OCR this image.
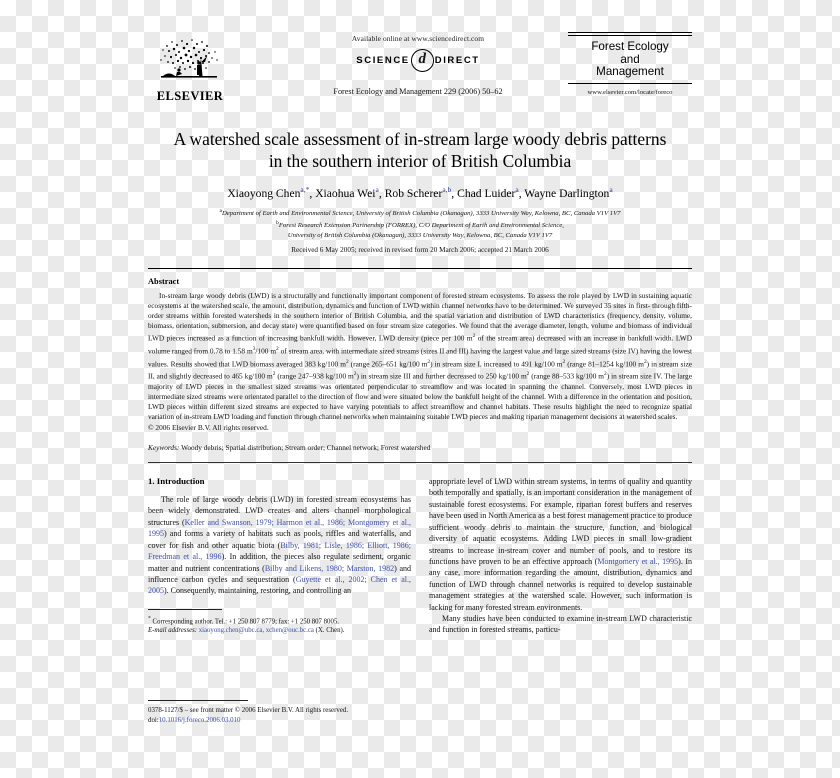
ELSEVIER
Available online at www.sciencedirect.com
SCIENCE d DIRECT
Forest Ecology and Management 229 (2006) 50–62
Forest Ecology
and
Management
www.elsevier.com/locate/foreco
A watershed scale assessment of in-stream large woody debris patterns
in the southern interior of British Columbia
Xiaoyong Chen$^{a,*}$, Xiaohua Wei$^a$, Rob Scherer$^{a,b}$, Chad Luider$^a$, Wayne Darlington$^a$
$^a$Department of Earth and Environmental Science, University of British Columbia (Okanagan), 3333 University Way, Kelowna, BC, Canada V1V 1V7
$^b$Forest Research Extension Partnership (FORREX), C/O Department of Earth and Environmental Science,
University of British Columbia (Okanagan), 3333 University Way, Kelowna, BC, Canada V1V 1V7
Received 6 May 2005; received in revised form 20 March 2006; accepted 21 March 2006
Abstract
In-stream large woody debris (LWD) is a structurally and functionally important component of forested stream ecosystems. To assess the role played by LWD in sustaining aquatic ecosystems at the watershed scale, the amount, distribution, dynamics and function of LWD within channel networks have to be determined. We surveyed 35 sites in first- through fifth-order streams within forested watersheds in the southern interior of British Columbia, and the spatial variation and distribution of LWD characteristics (frequency, density, volume, biomass, orientation, submersion, and decay state) were quantified based on four stream size categories. We found that the average diameter, length, volume and biomass of individual LWD pieces increased as a function of increasing bankfull width. However, LWD density (piece per 100 $m^2$ of the stream area) decreased with an increase in bankfull width. LWD volume ranged from 0.78 to 1.58 $m^3/100$ $m^2$ of stream area, with intermediate sized streams (sizes II and III) having the largest value and large sized streams (size IV) having the lowest values. Results showed that LWD biomass averaged 383 kg/100 $m^2$ (range 265–651 kg/100 $m^2$) in stream size I, increased to 491 kg/100 $m^2$ (range 81–1254 kg/100 $m^2$) in stream size II, and slightly decreased to 465 kg/100 $m^2$ (range 247–938 kg/100 $m^2$) in stream size III and further decreased to 250 kg/100 $m^2$ (range 88–533 kg/100 $m^2$) in stream size IV. The large majority of LWD pieces in the smallest sized streams was orientated perpendicular to streamflow and was located in spanning the channel. Conversely, most LWD pieces in intermediate sized streams were orientated parallel to the direction of flow and were situated below the bankfull height of the channel. With a difference in the orientation and position, LWD pieces within different sized streams are expected to have varying potentials to affect streamflow and channel habitats. These results highlight the need to recognize spatial variation of in-stream LWD loading and function through channel networks when maintaining suitable LWD pieces and making riparian management decisions at watershed scales.
© 2006 Elsevier B.V. All rights reserved.
Keywords: Woody debris; Spatial distribution; Stream order; Channel network; Forest watershed
1. Introduction

The role of large woody debris (LWD) in forested stream ecosystems has been widely demonstrated. LWD creates and alters channel morphological structures (Keller and Swanson, 1979; Harmon et al., 1986; Montgomery et al., 1995) and forms a variety of habitats such as pools, riffles and waterfalls, and cover for fish and other aquatic biota (Bilby, 1981; Lisle, 1986; Elliott, 1986; Freedman et al., 1996). In addition, the pieces also regulate sediment, organic matter and nutrient concentrations (Bilby and Likens, 1980; Marston, 1982) and influence carbon cycles and sequestration (Guyette et al., 2002; Chen et al., 2005). Consequently, maintaining, restoring, and controlling an

* Corresponding author. Tel.: +1 250 807 8779; fax: +1 250 807 8005.
E-mail addresses: xiaoyong.chen@ubc.ca, xchen@ouc.bc.ca (X. Chen).

appropriate level of LWD within stream systems, in terms of quality and quantity both temporally and spatially, is an important consideration in the management of sustainable forest ecosystems. For example, riparian forest buffers and reserves have been used in North America as a best forest management practice to produce sufficient woody debris to maintain the structure, function, and biological diversity of aquatic ecosystems. Adding LWD pieces in small low-gradient streams to increase in-stream cover and number of pools, and to restore its functions have proven to be an effective approach (Montgomery et al., 1995). In any case, more information regarding the amount, distribution, dynamics and function of LWD through channel networks is required to develop sustainable management strategies at the watershed scale. However, such information is lacking for many forested stream environments.

Many studies have been conducted to examine in-stream LWD characteristic and function in forested streams, particu-

0378-1127/$ – see front matter © 2006 Elsevier B.V. All rights reserved.
doi:10.1016/j.foreco.2006.03.010
